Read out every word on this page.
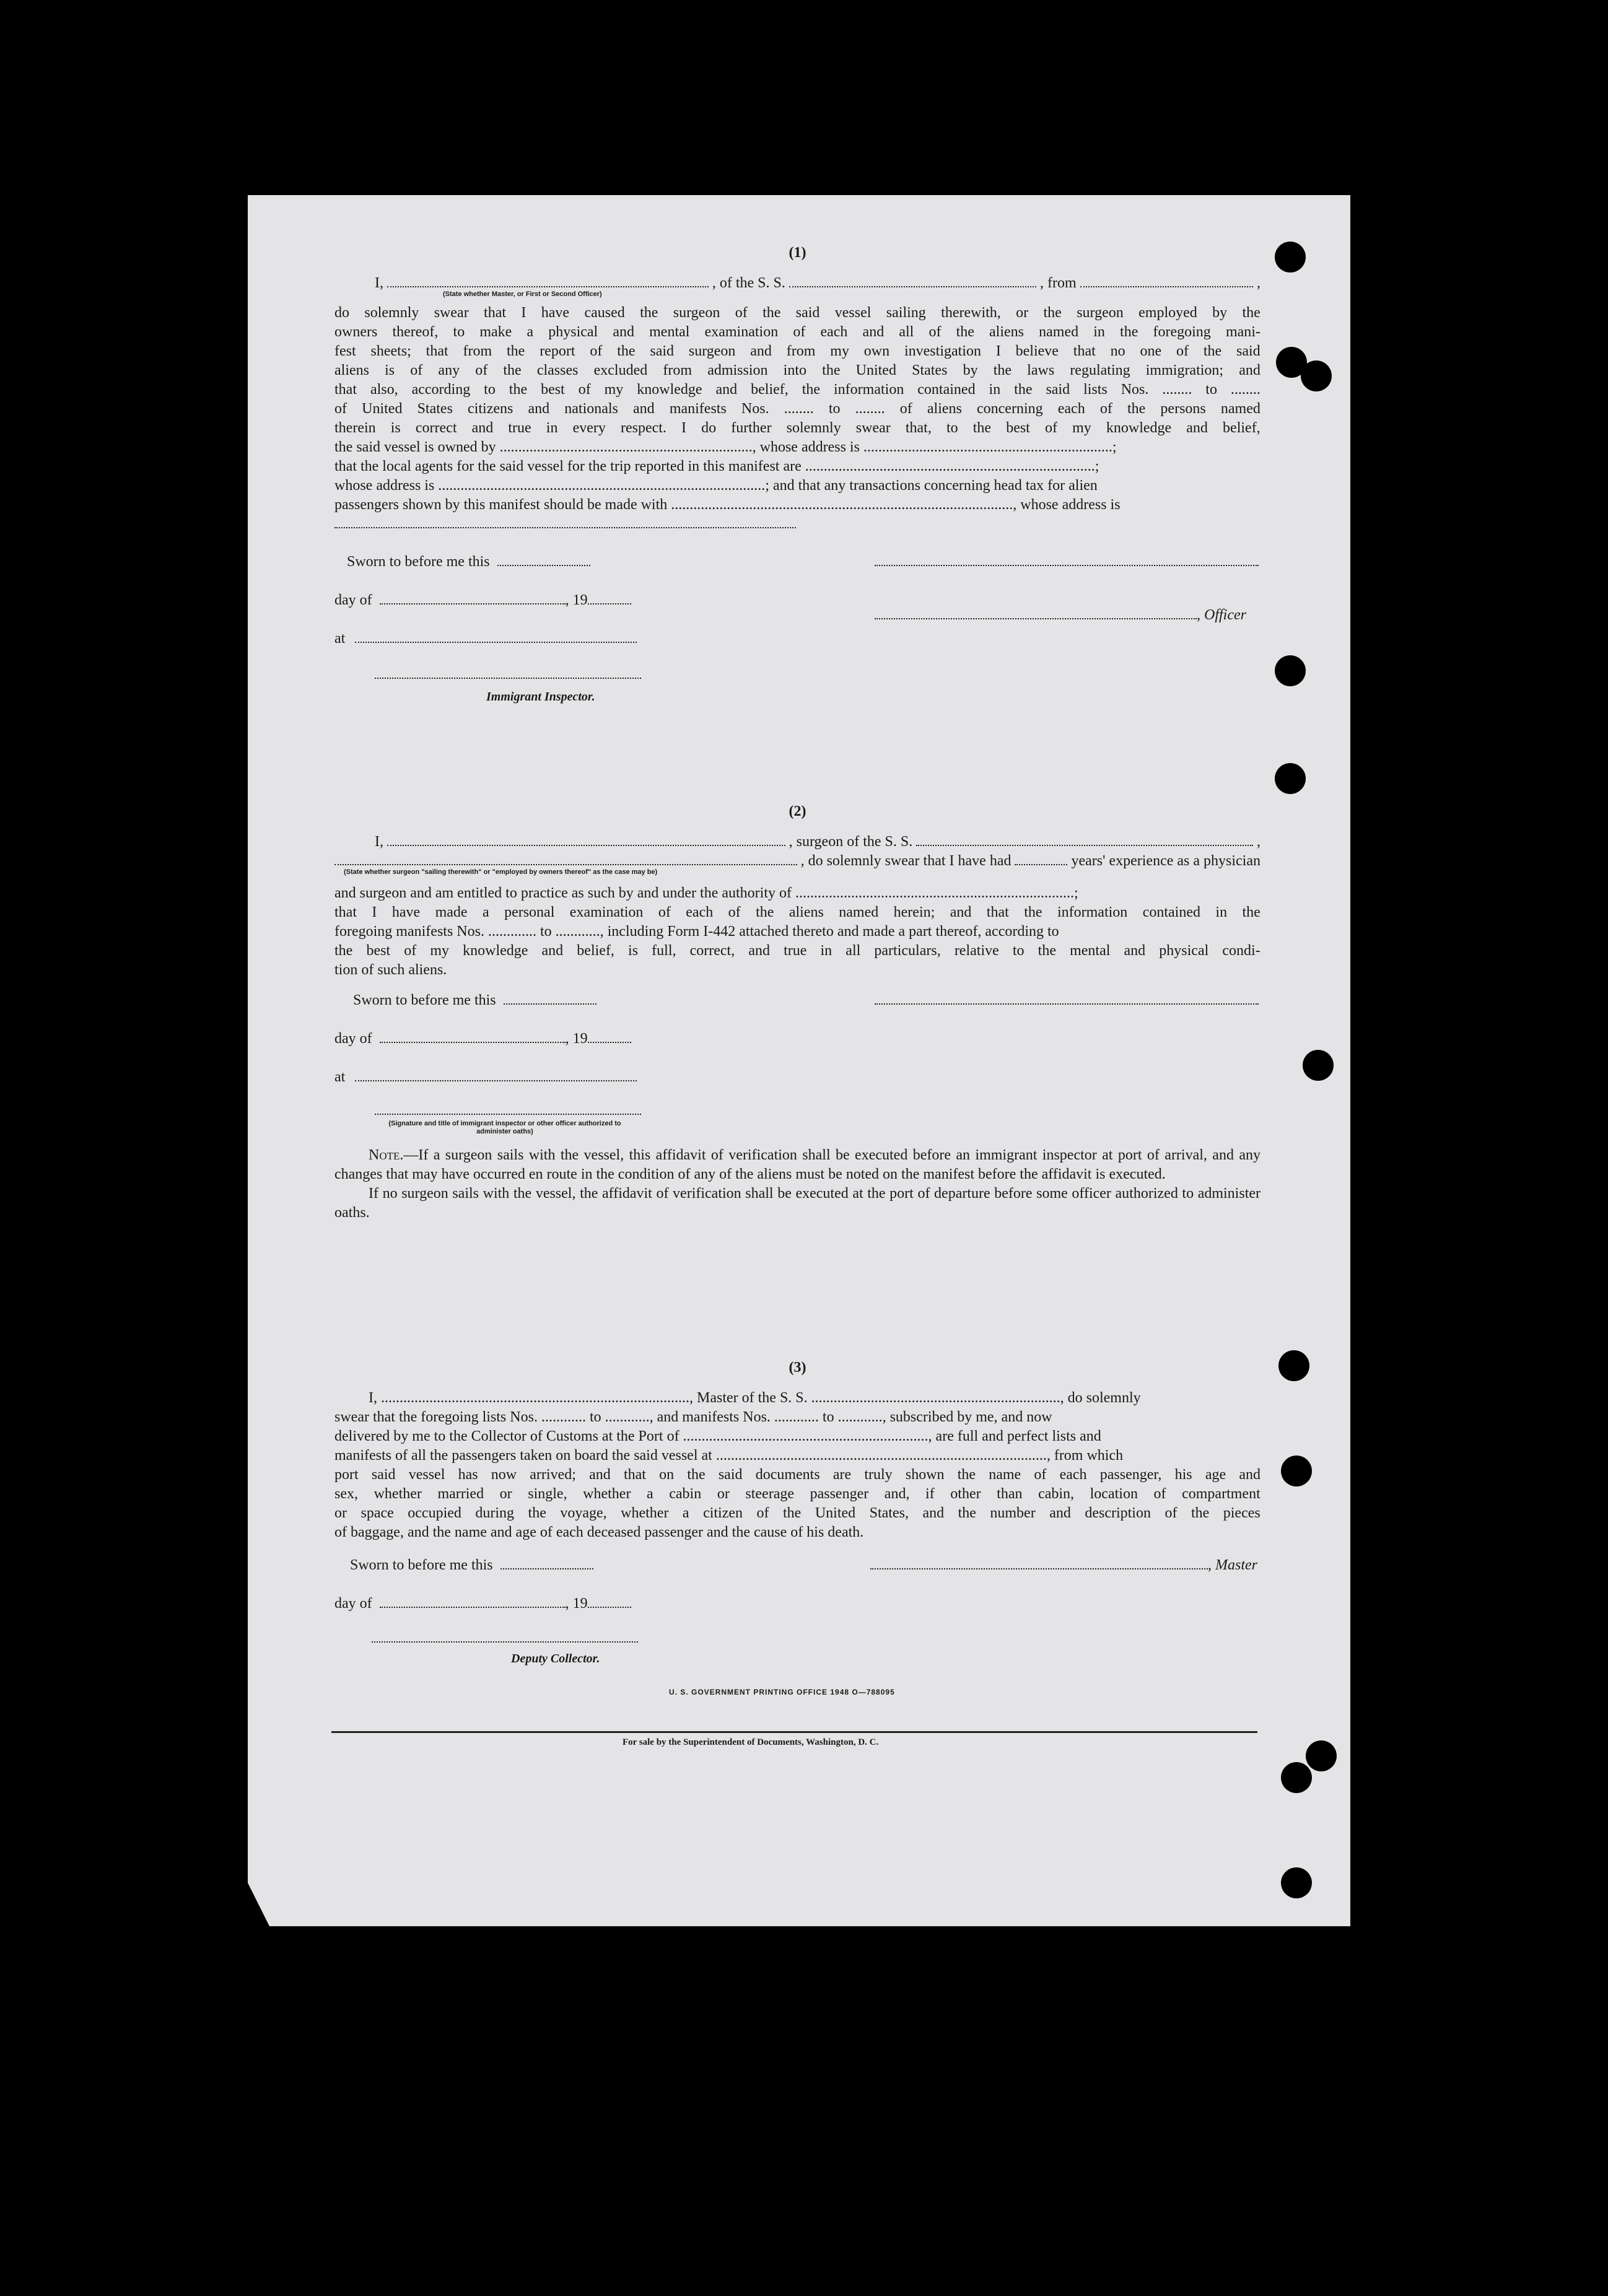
(1)
I,	, of the S. S.	, from	,
(State whether Master, or First or Second Officer)
do solemnly swear that I have caused the surgeon of the said vessel sailing therewith, or the surgeon employed by the
owners thereof, to make a physical and mental examination of each and all of the aliens named in the foregoing mani-
fest sheets; that from the report of the said surgeon and from my own investigation I believe that no one of the said
aliens is of any of the classes excluded from admission into the United States by the laws regulating immigration; and
that also, according to the best of my knowledge and belief, the information contained in the said lists Nos. ........ to ........
of United States citizens and nationals and manifests Nos. ........ to ........ of aliens concerning each of the persons named
therein is correct and true in every respect. I do further solemnly swear that, to the best of my knowledge and belief,
the said vessel is owned by ...................................................................., whose address is ...................................................................;
that the local agents for the said vessel for the trip reported in this manifest are ..............................................................................;
whose address is ........................................................................................; and that any transactions concerning head tax for alien
passengers shown by this manifest should be made with ............................................................................................, whose address is
Sworn to before me this
day of	, 19
at
Immigrant Inspector.
, Officer
(2)
I,	, surgeon of the S. S.	,
, do solemnly swear that I have had	years' experience as a physician
(State whether surgeon "sailing therewith" or "employed by owners thereof" as the case may be)
and surgeon and am entitled to practice as such by and under the authority of ...........................................................................;
that I have made a personal examination of each of the aliens named herein; and that the information contained in the
foregoing manifests Nos. ............. to ............, including Form I-442 attached thereto and made a part thereof, according to
the best of my knowledge and belief, is full, correct, and true in all particulars, relative to the mental and physical condi-
tion of such aliens.
Sworn to before me this
day of	, 19
at
(Signature and title of immigrant inspector or other officer authorized to administer oaths)
Note.—If a surgeon sails with the vessel, this affidavit of verification shall be executed before an immigrant inspector at port of arrival, and any changes that may have occurred en route in the condition of any of the aliens must be noted on the manifest before the affidavit is executed.
If no surgeon sails with the vessel, the affidavit of verification shall be executed at the port of departure before some officer authorized to administer oaths.
(3)
I, ..................................................................................., Master of the S. S. ..................................................................., do solemnly
swear that the foregoing lists Nos. ............ to ............, and manifests Nos. ............ to ............, subscribed by me, and now
delivered by me to the Collector of Customs at the Port of .................................................................., are full and perfect lists and
manifests of all the passengers taken on board the said vessel at ........................................................................................., from which
port said vessel has now arrived; and that on the said documents are truly shown the name of each passenger, his age and
sex, whether married or single, whether a cabin or steerage passenger and, if other than cabin, location of compartment
or space occupied during the voyage, whether a citizen of the United States, and the number and description of the pieces
of baggage, and the name and age of each deceased passenger and the cause of his death.
Sworn to before me this
day of	, 19
Deputy Collector.
, Master
U. S. GOVERNMENT PRINTING OFFICE 1948 O—788095
For sale by the Superintendent of Documents, Washington, D. C.
